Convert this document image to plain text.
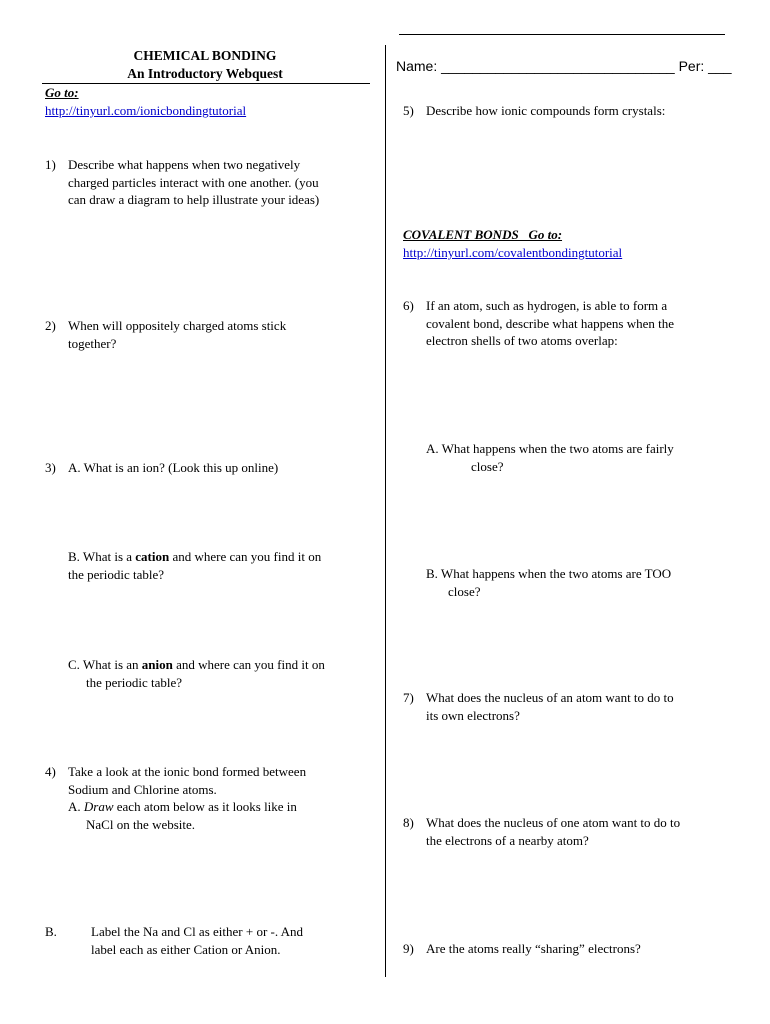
CHEMICAL BONDING
An Introductory Webquest	Name: ______________________________ Per: ___
Go to:
http://tinyurl.com/ionicbondingtutorial
1) Describe what happens when two negatively
charged particles interact with one another. (you
can draw a diagram to help illustrate your ideas)
2) When will oppositely charged atoms stick
together?
3) A. What is an ion? (Look this up online)
B. What is a cation and where can you find it on
the periodic table?
C. What is an anion and where can you find it on
the periodic table?
4) Take a look at the ionic bond formed between
Sodium and Chlorine atoms.
A. Draw each atom below as it looks like in
NaCl on the website.
B.	Label the Na and Cl as either + or -. And
label each as either Cation or Anion.
5) Describe how ionic compounds form crystals:
COVALENT BONDS   Go to:
http://tinyurl.com/covalentbondingtutorial
6) If an atom, such as hydrogen, is able to form a
covalent bond, describe what happens when the
electron shells of two atoms overlap:
A. What happens when the two atoms are fairly
close?
B. What happens when the two atoms are TOO
close?
7) What does the nucleus of an atom want to do to
its own electrons?
8) What does the nucleus of one atom want to do to
the electrons of a nearby atom?
9) Are the atoms really “sharing” electrons?
